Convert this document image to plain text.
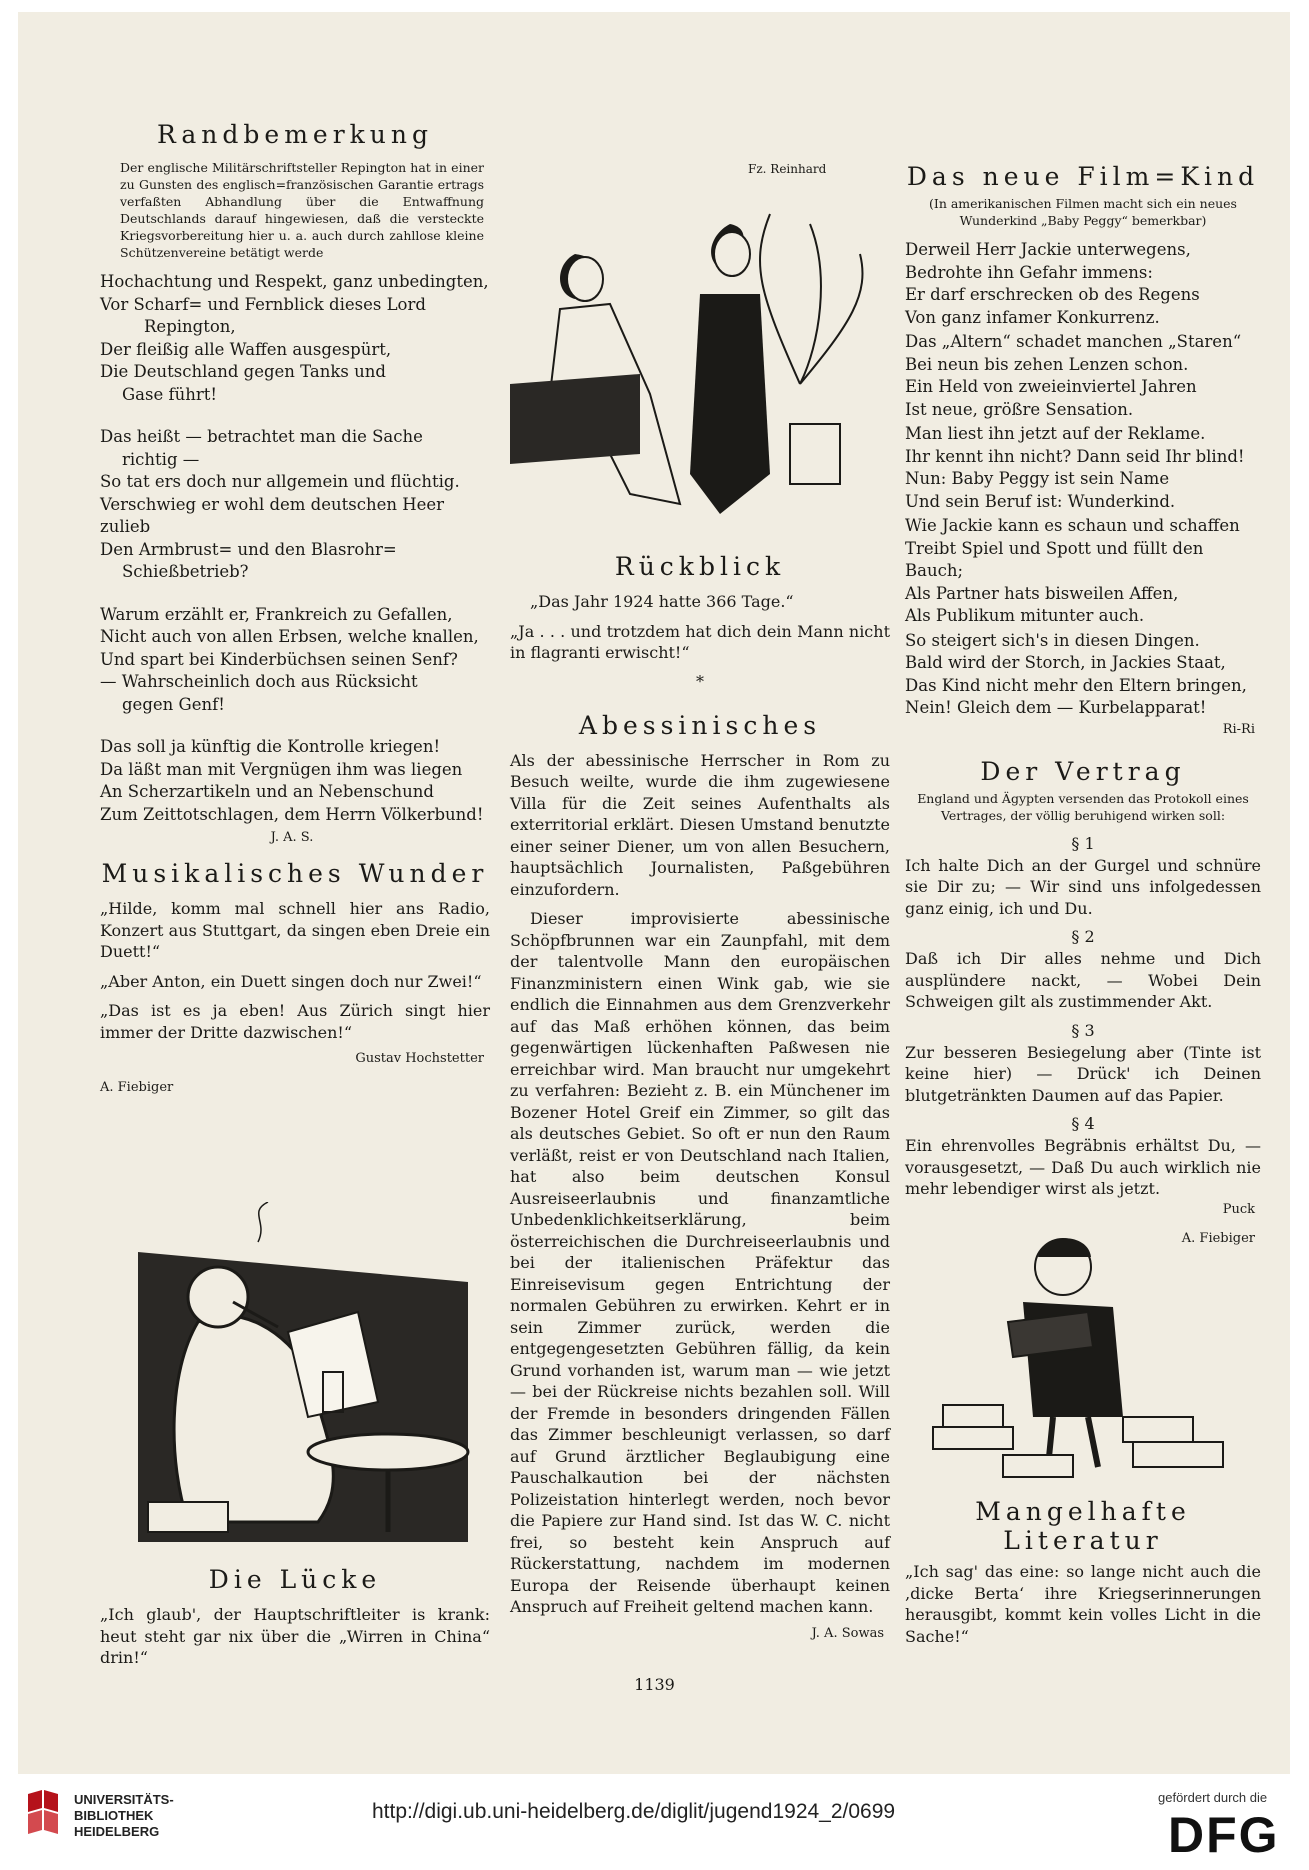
Randbemerkung

Der englische Militärschriftsteller Repington hat in einer zu Gunsten des englisch=französischen Garantie ertrags verfaßten Abhandlung über die Entwaffnung Deutschlands darauf hingewiesen, daß die versteckte Kriegsvorbereitung hier u. a. auch durch zahllose kleine Schützenvereine betätigt werde

Hochachtung und Respekt, ganz unbedingten,
Vor Scharf= und Fernblick dieses Lord
Repington,
Der fleißig alle Waffen ausgespürt,
Die Deutschland gegen Tanks und
Gase führt!
Das heißt — betrachtet man die Sache
richtig —
So tat ers doch nur allgemein und flüchtig.
Verschwieg er wohl dem deutschen Heer zulieb
Den Armbrust= und den Blasrohr=
Schießbetrieb?
Warum erzählt er, Frankreich zu Gefallen,
Nicht auch von allen Erbsen, welche knallen,
Und spart bei Kinderbüchsen seinen Senf?
— Wahrscheinlich doch aus Rücksicht
gegen Genf!
Das soll ja künftig die Kontrolle kriegen!
Da läßt man mit Vergnügen ihm was liegen
An Scherzartikeln und an Nebenschund
Zum Zeittotschlagen, dem Herrn Völkerbund!

J. A. S.

Musikalisches Wunder

„Hilde, komm mal schnell hier ans Radio, Konzert aus Stuttgart, da singen eben Dreie ein Duett!“

„Aber Anton, ein Duett singen doch nur Zwei!“

„Das ist es ja eben! Aus Zürich singt hier immer der Dritte dazwischen!“

Gustav Hochstetter

A. Fiebiger

Die Lücke

„Ich glaub', der Hauptschriftleiter is krank: heut steht gar nix über die „Wirren in China“ drin!“

Fz. Reinhard
Rückblick

„Das Jahr 1924 hatte 366 Tage.“

„Ja . . . und trotzdem hat dich dein Mann nicht in flagranti erwischt!“

*

Abessinisches

Als der abessinische Herrscher in Rom zu Besuch weilte, wurde die ihm zugewiesene Villa für die Zeit seines Aufenthalts als exterritorial erklärt. Diesen Umstand benutzte einer seiner Diener, um von allen Besuchern, hauptsächlich Journalisten, Paßgebühren einzufordern.

Dieser improvisierte abessinische Schöpfbrunnen war ein Zaunpfahl, mit dem der talentvolle Mann den europäischen Finanzministern einen Wink gab, wie sie endlich die Einnahmen aus dem Grenzverkehr auf das Maß erhöhen können, das beim gegenwärtigen lückenhaften Paßwesen nie erreichbar wird. Man braucht nur umgekehrt zu verfahren: Bezieht z. B. ein Münchener im Bozener Hotel Greif ein Zimmer, so gilt das als deutsches Gebiet. So oft er nun den Raum verläßt, reist er von Deutschland nach Italien, hat also beim deutschen Konsul Ausreiseerlaubnis und finanzamtliche Unbedenklichkeitserklärung, beim österreichischen die Durchreiseerlaubnis und bei der italienischen Präfektur das Einreisevisum gegen Entrichtung der normalen Gebühren zu erwirken. Kehrt er in sein Zimmer zurück, werden die entgegengesetzten Gebühren fällig, da kein Grund vorhanden ist, warum man — wie jetzt — bei der Rückreise nichts bezahlen soll. Will der Fremde in besonders dringenden Fällen das Zimmer beschleunigt verlassen, so darf auf Grund ärztlicher Beglaubigung eine Pauschalkaution bei der nächsten Polizeistation hinterlegt werden, noch bevor die Papiere zur Hand sind. Ist das W. C. nicht frei, so besteht kein Anspruch auf Rückerstattung, nachdem im modernen Europa der Reisende überhaupt keinen Anspruch auf Freiheit geltend machen kann.

J. A. Sowas

Das neue Film=Kind

(In amerikanischen Filmen macht sich ein neues Wunderkind „Baby Peggy“ bemerkbar)

Derweil Herr Jackie unterwegens,
Bedrohte ihn Gefahr immens:
Er darf erschrecken ob des Regens
Von ganz infamer Konkurrenz.
Das „Altern“ schadet manchen „Staren“
Bei neun bis zehen Lenzen schon.
Ein Held von zweieinviertel Jahren
Ist neue, größre Sensation.
Man liest ihn jetzt auf der Reklame.
Ihr kennt ihn nicht? Dann seid Ihr blind!
Nun: Baby Peggy ist sein Name
Und sein Beruf ist: Wunderkind.
Wie Jackie kann es schaun und schaffen
Treibt Spiel und Spott und füllt den Bauch;
Als Partner hats bisweilen Affen,
Als Publikum mitunter auch.
So steigert sich's in diesen Dingen.
Bald wird der Storch, in Jackies Staat,
Das Kind nicht mehr den Eltern bringen,
Nein! Gleich dem — Kurbelapparat!

Ri-Ri

Der Vertrag

England und Ägypten versenden das Protokoll eines Vertrages, der völlig beruhigend wirken soll:

§ 1

Ich halte Dich an der Gurgel und schnüre sie Dir zu; — Wir sind uns infolgedessen ganz einig, ich und Du.

§ 2

Daß ich Dir alles nehme und Dich ausplündere nackt, — Wobei Dein Schweigen gilt als zustimmender Akt.

§ 3

Zur besseren Besiegelung aber (Tinte ist keine hier) — Drück' ich Deinen blutgetränkten Daumen auf das Papier.

§ 4

Ein ehrenvolles Begräbnis erhältst Du, — vorausgesetzt, — Daß Du auch wirklich nie mehr lebendiger wirst als jetzt.

Puck

A. Fiebiger

Mangelhafte Literatur

„Ich sag' das eine: so lange nicht auch die ‚dicke Berta‘ ihre Kriegserinnerungen herausgibt, kommt kein volles Licht in die Sache!“

1139
UNIVERSITÄTS-
BIBLIOTHEK
HEIDELBERG
http://digi.ub.uni-heidelberg.de/diglit/jugend1924_2/0699
gefördert durch die
DFG
